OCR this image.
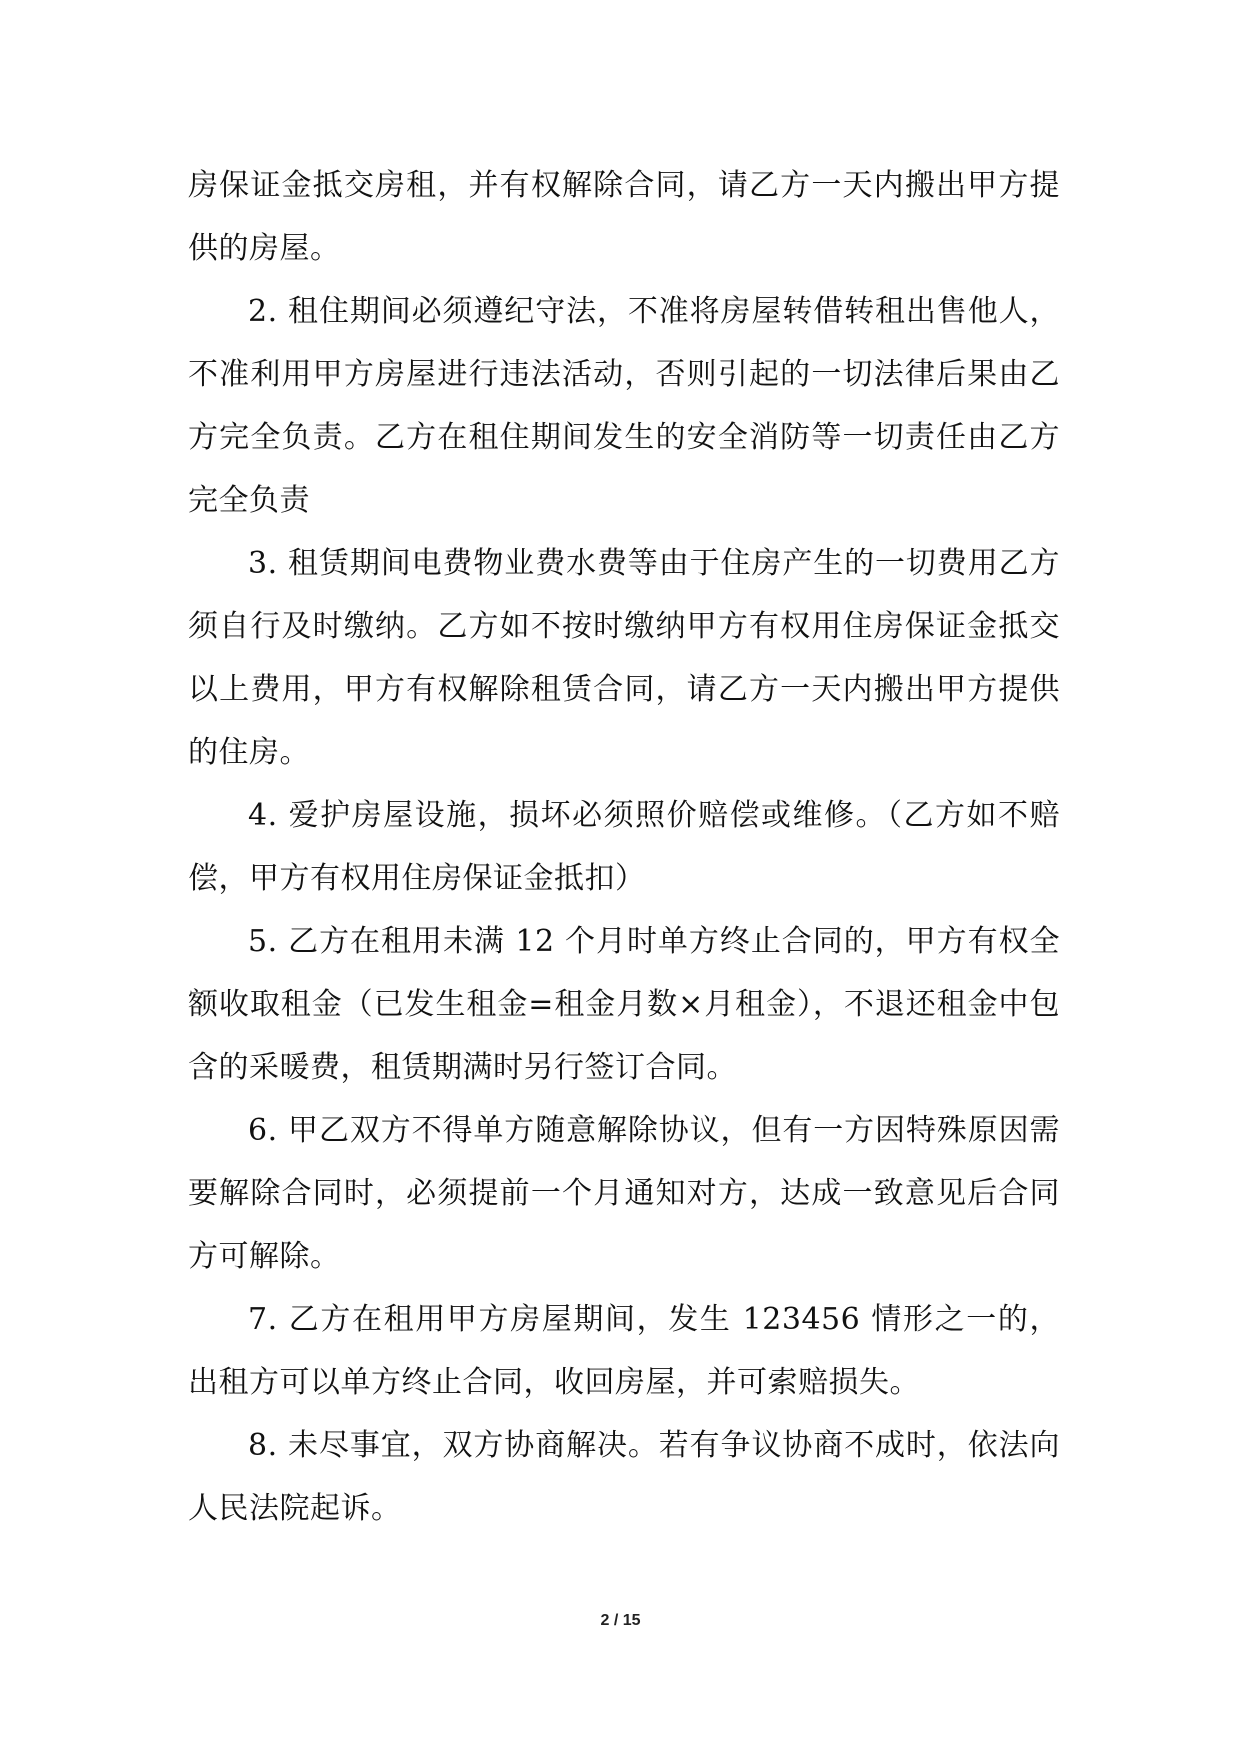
房保证金抵交房租，并有权解除合同，请乙方一天内搬出甲方提供的房屋。

2. 租住期间必须遵纪守法，不准将房屋转借转租出售他人，不准利用甲方房屋进行违法活动，否则引起的一切法律后果由乙方完全负责。乙方在租住期间发生的安全消防等一切责任由乙方完全负责

3. 租赁期间电费物业费水费等由于住房产生的一切费用乙方须自行及时缴纳。乙方如不按时缴纳甲方有权用住房保证金抵交以上费用，甲方有权解除租赁合同，请乙方一天内搬出甲方提供的住房。

4. 爱护房屋设施，损坏必须照价赔偿或维修。（乙方如不赔偿，甲方有权用住房保证金抵扣）

5. 乙方在租用未满 12 个月时单方终止合同的，甲方有权全额收取租金（已发生租金=租金月数×月租金），不退还租金中包含的采暖费，租赁期满时另行签订合同。

6. 甲乙双方不得单方随意解除协议，但有一方因特殊原因需要解除合同时，必须提前一个月通知对方，达成一致意见后合同方可解除。

7. 乙方在租用甲方房屋期间，发生 123456 情形之一的，出租方可以单方终止合同，收回房屋，并可索赔损失。

8. 未尽事宜，双方协商解决。若有争议协商不成时，依法向人民法院起诉。

2 / 15
